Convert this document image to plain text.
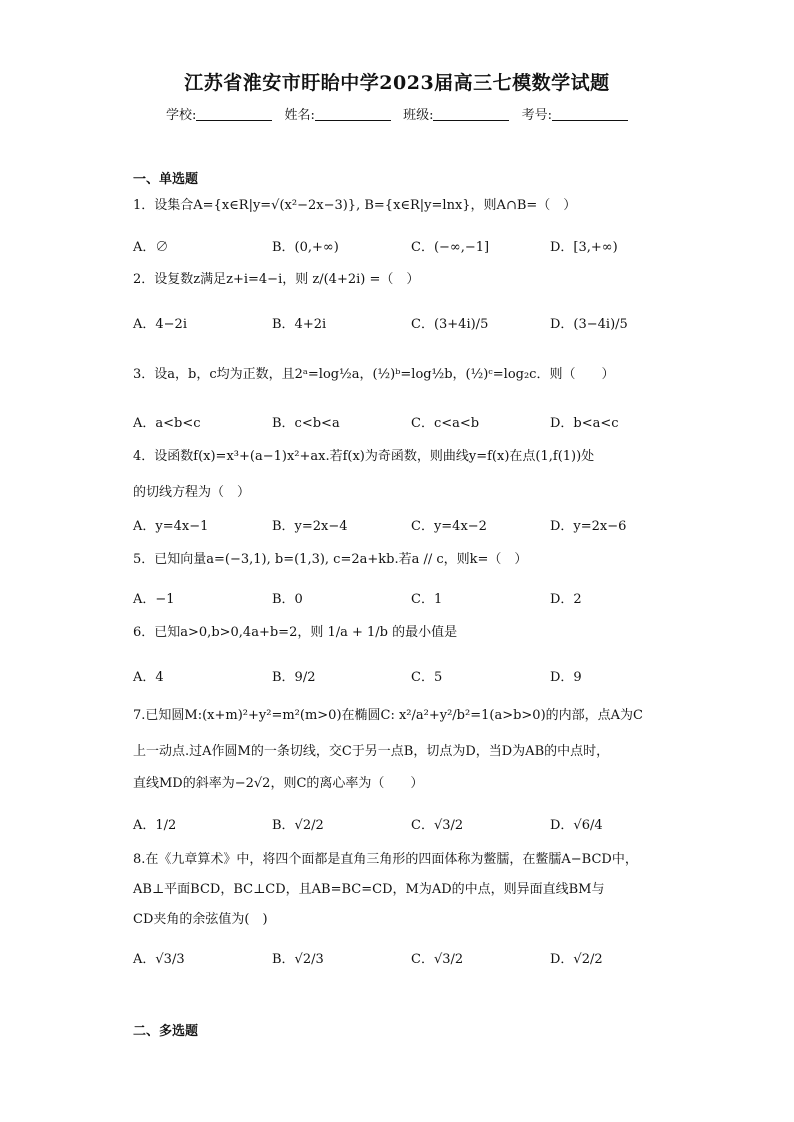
江苏省淮安市盱眙中学2023届高三七模数学试题
学校:	姓名:	班级:	考号:
一、单选题
1．设集合A={x∈R|y=√(x²−2x−3)}, B={x∈R|y=lnx}，则A∩B=（　）
A．∅	B．(0,+∞)	C．(−∞,−1]	D．[3,+∞)
2．设复数z满足z+i=4−i，则 z/(4+2i) =（　）
A．4−2i	B．4+2i	C．(3+4i)/5	D．(3−4i)/5
3．设a，b，c均为正数，且2ᵃ=log½a，(½)ᵇ=log½b，(½)ᶜ=log₂c．则（　　）
A．a<b<c	B．c<b<a	C．c<a<b	D．b<a<c
4．设函数f(x)=x³+(a−1)x²+ax.若f(x)为奇函数，则曲线y=f(x)在点(1,f(1))处
的切线方程为（　）
A．y=4x−1	B．y=2x−4	C．y=4x−2	D．y=2x−6
5．已知向量a=(−3,1), b=(1,3), c=2a+kb.若a // c，则k=（　）
A．−1	B．0	C．1	D．2
6．已知a>0,b>0,4a+b=2，则 1/a + 1/b 的最小值是
A．4	B．9/2	C．5	D．9
7.已知圆M:(x+m)²+y²=m²(m>0)在椭圆C: x²/a²+y²/b²=1(a>b>0)的内部，点A为C
上一动点.过A作圆M的一条切线，交C于另一点B，切点为D，当D为AB的中点时，
直线MD的斜率为−2√2，则C的离心率为（　　）
A．1/2	B．√2/2	C．√3/2	D．√6/4
8.在《九章算术》中，将四个面都是直角三角形的四面体称为鳖臑，在鳖臑A−BCD中，
AB⊥平面BCD，BC⊥CD，且AB=BC=CD，M为AD的中点，则异面直线BM与
CD夹角的余弦值为(　)
A．√3/3	B．√2/3	C．√3/2	D．√2/2
二、多选题
